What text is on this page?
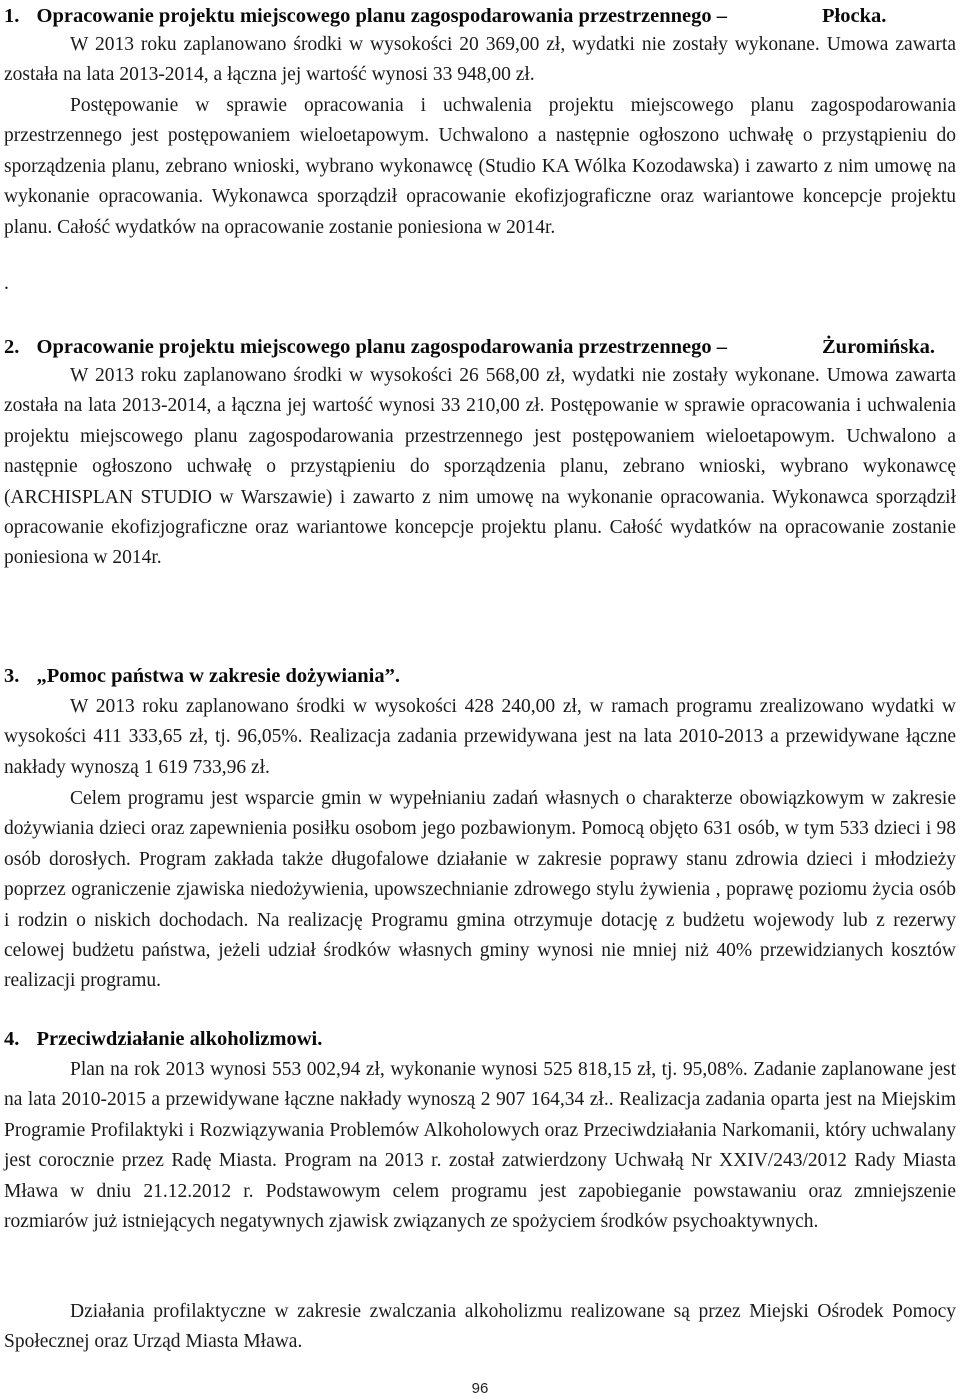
1. Opracowanie projektu miejscowego planu zagospodarowania przestrzennego –	Płocka.
W 2013 roku zaplanowano środki w wysokości 20 369,00 zł, wydatki nie zostały wykonane. Umowa zawarta została na lata 2013-2014, a łączna jej wartość wynosi 33 948,00 zł.
Postępowanie w sprawie opracowania i uchwalenia projektu miejscowego planu zagospodarowania przestrzennego jest postępowaniem wieloetapowym. Uchwalono a następnie ogłoszono uchwałę o przystąpieniu do sporządzenia planu, zebrano wnioski, wybrano wykonawcę (Studio KA Wólka Kozodawska) i zawarto z nim umowę na wykonanie opracowania. Wykonawca sporządził opracowanie ekofizjograficzne oraz wariantowe koncepcje projektu planu. Całość wydatków na opracowanie zostanie poniesiona w 2014r.
.
2. Opracowanie projektu miejscowego planu zagospodarowania przestrzennego –	Żuromińska.
W 2013 roku zaplanowano środki w wysokości 26 568,00 zł, wydatki nie zostały wykonane. Umowa zawarta została na lata 2013-2014, a łączna jej wartość wynosi 33 210,00 zł. Postępowanie w sprawie opracowania i uchwalenia projektu miejscowego planu zagospodarowania przestrzennego jest postępowaniem wieloetapowym. Uchwalono a następnie ogłoszono uchwałę o przystąpieniu do sporządzenia planu, zebrano wnioski, wybrano wykonawcę (ARCHISPLAN STUDIO w Warszawie) i zawarto z nim umowę na wykonanie opracowania. Wykonawca sporządził opracowanie ekofizjograficzne oraz wariantowe koncepcje projektu planu. Całość wydatków na opracowanie zostanie poniesiona w 2014r.
3. „Pomoc państwa w zakresie dożywiania”.
W 2013 roku zaplanowano środki w wysokości 428 240,00 zł, w ramach programu zrealizowano wydatki w wysokości 411 333,65 zł, tj. 96,05%. Realizacja zadania przewidywana jest na lata 2010-2013 a przewidywane łączne nakłady wynoszą 1 619 733,96 zł.
Celem programu jest wsparcie gmin w wypełnianiu zadań własnych o charakterze obowiązkowym w zakresie dożywiania dzieci oraz zapewnienia posiłku osobom jego pozbawionym. Pomocą objęto 631 osób, w tym 533 dzieci i 98 osób dorosłych. Program zakłada także długofalowe działanie w zakresie poprawy stanu zdrowia dzieci i młodzieży poprzez ograniczenie zjawiska niedożywienia, upowszechnianie zdrowego stylu żywienia , poprawę poziomu życia osób i rodzin o niskich dochodach. Na realizację Programu gmina otrzymuje dotację z budżetu wojewody lub z rezerwy celowej budżetu państwa, jeżeli udział środków własnych gminy wynosi nie mniej niż 40% przewidzianych kosztów realizacji programu.
4. Przeciwdziałanie alkoholizmowi.
Plan na rok 2013 wynosi 553 002,94 zł, wykonanie wynosi 525 818,15 zł, tj. 95,08%. Zadanie zaplanowane jest na lata 2010-2015 a przewidywane łączne nakłady wynoszą 2 907 164,34 zł.. Realizacja zadania oparta jest na Miejskim Programie Profilaktyki i Rozwiązywania Problemów Alkoholowych oraz Przeciwdziałania Narkomanii, który uchwalany jest corocznie przez Radę Miasta. Program na 2013 r. został zatwierdzony Uchwałą Nr XXIV/243/2012 Rady Miasta Mława w dniu 21.12.2012 r. Podstawowym celem programu jest zapobieganie powstawaniu oraz zmniejszenie rozmiarów już istniejących negatywnych zjawisk związanych ze spożyciem środków psychoaktywnych.
Działania profilaktyczne w zakresie zwalczania alkoholizmu realizowane są przez Miejski Ośrodek Pomocy Społecznej oraz Urząd Miasta Mława.
96
